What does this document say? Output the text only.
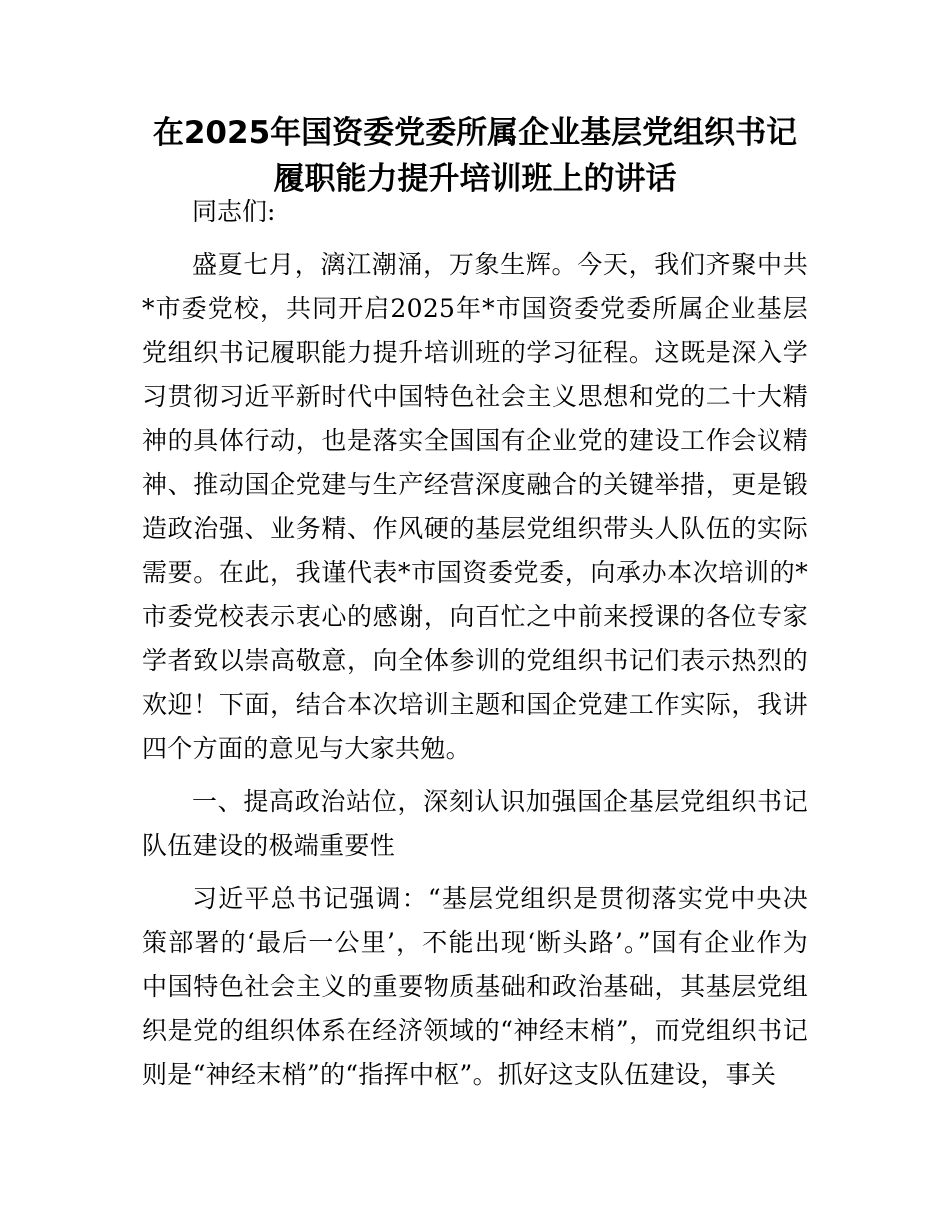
在2025年国资委党委所属企业基层党组织书记
履职能力提升培训班上的讲话

同志们:

盛夏七月，漓江潮涌，万象生辉。今天，我们齐聚中共*市委党校，共同开启2025年*市国资委党委所属企业基层党组织书记履职能力提升培训班的学习征程。这既是深入学习贯彻习近平新时代中国特色社会主义思想和党的二十大精神的具体行动，也是落实全国国有企业党的建设工作会议精神、推动国企党建与生产经营深度融合的关键举措，更是锻造政治强、业务精、作风硬的基层党组织带头人队伍的实际需要。在此，我谨代表*市国资委党委，向承办本次培训的*市委党校表示衷心的感谢，向百忙之中前来授课的各位专家学者致以崇高敬意，向全体参训的党组织书记们表示热烈的欢迎！下面，结合本次培训主题和国企党建工作实际，我讲四个方面的意见与大家共勉。

一、提高政治站位，深刻认识加强国企基层党组织书记队伍建设的极端重要性

习近平总书记强调：“基层党组织是贯彻落实党中央决策部署的‘最后一公里’，不能出现‘断头路’。”国有企业作为中国特色社会主义的重要物质基础和政治基础，其基层党组织是党的组织体系在经济领域的“神经末梢”，而党组织书记则是“神经末梢”的“指挥中枢”。抓好这支队伍建设，事关
